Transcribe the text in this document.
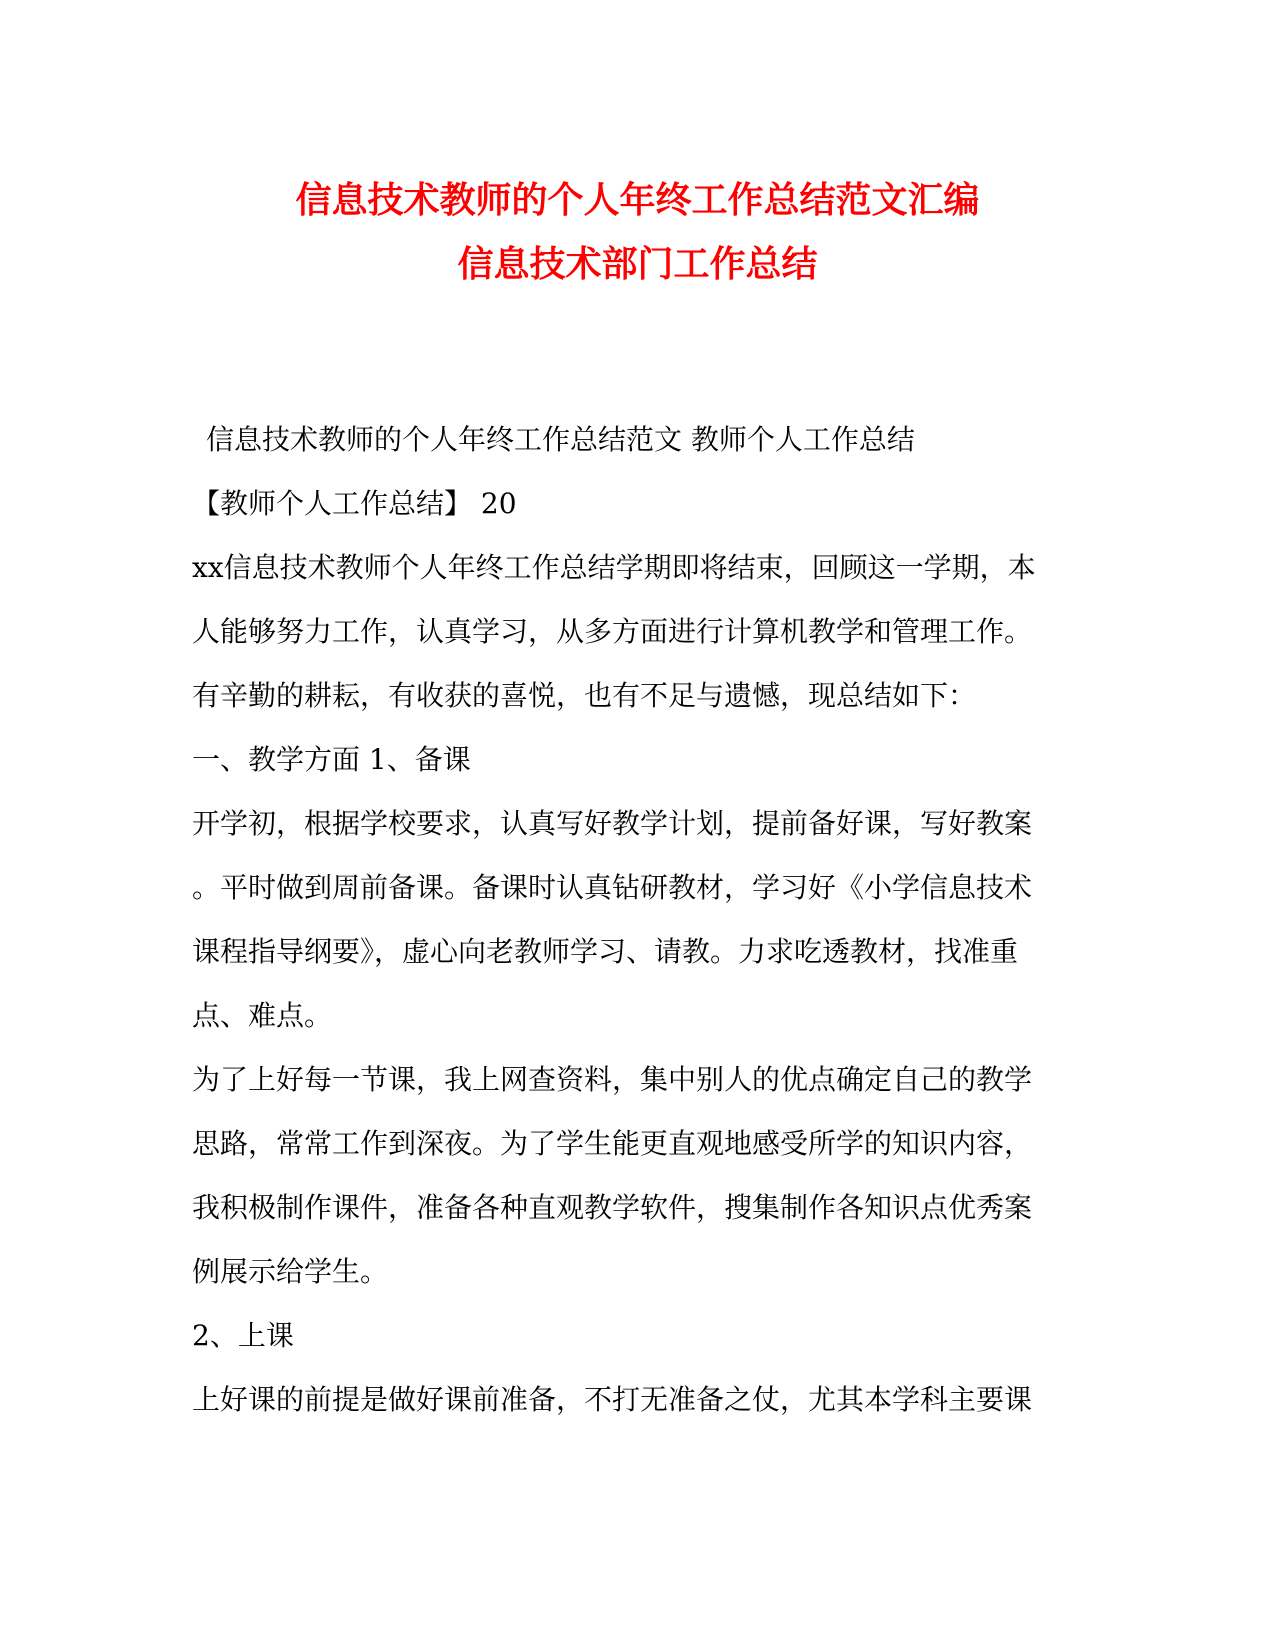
信息技术教师的个人年终工作总结范文汇编
信息技术部门工作总结
信息技术教师的个人年终工作总结范文 教师个人工作总结
【教师个人工作总结】 20
xx信息技术教师个人年终工作总结学期即将结束，回顾这一学期，本
人能够努力工作，认真学习，从多方面进行计算机教学和管理工作。
有辛勤的耕耘，有收获的喜悦，也有不足与遗憾，现总结如下：
一、教学方面 1、备课
开学初，根据学校要求，认真写好教学计划，提前备好课，写好教案
。平时做到周前备课。备课时认真钻研教材，学习好《小学信息技术
课程指导纲要》，虚心向老教师学习、请教。力求吃透教材，找准重
点、难点。
为了上好每一节课，我上网查资料，集中别人的优点确定自己的教学
思路，常常工作到深夜。为了学生能更直观地感受所学的知识内容，
我积极制作课件，准备各种直观教学软件，搜集制作各知识点优秀案
例展示给学生。
2、上课
上好课的前提是做好课前准备，不打无准备之仗，尤其本学科主要课
